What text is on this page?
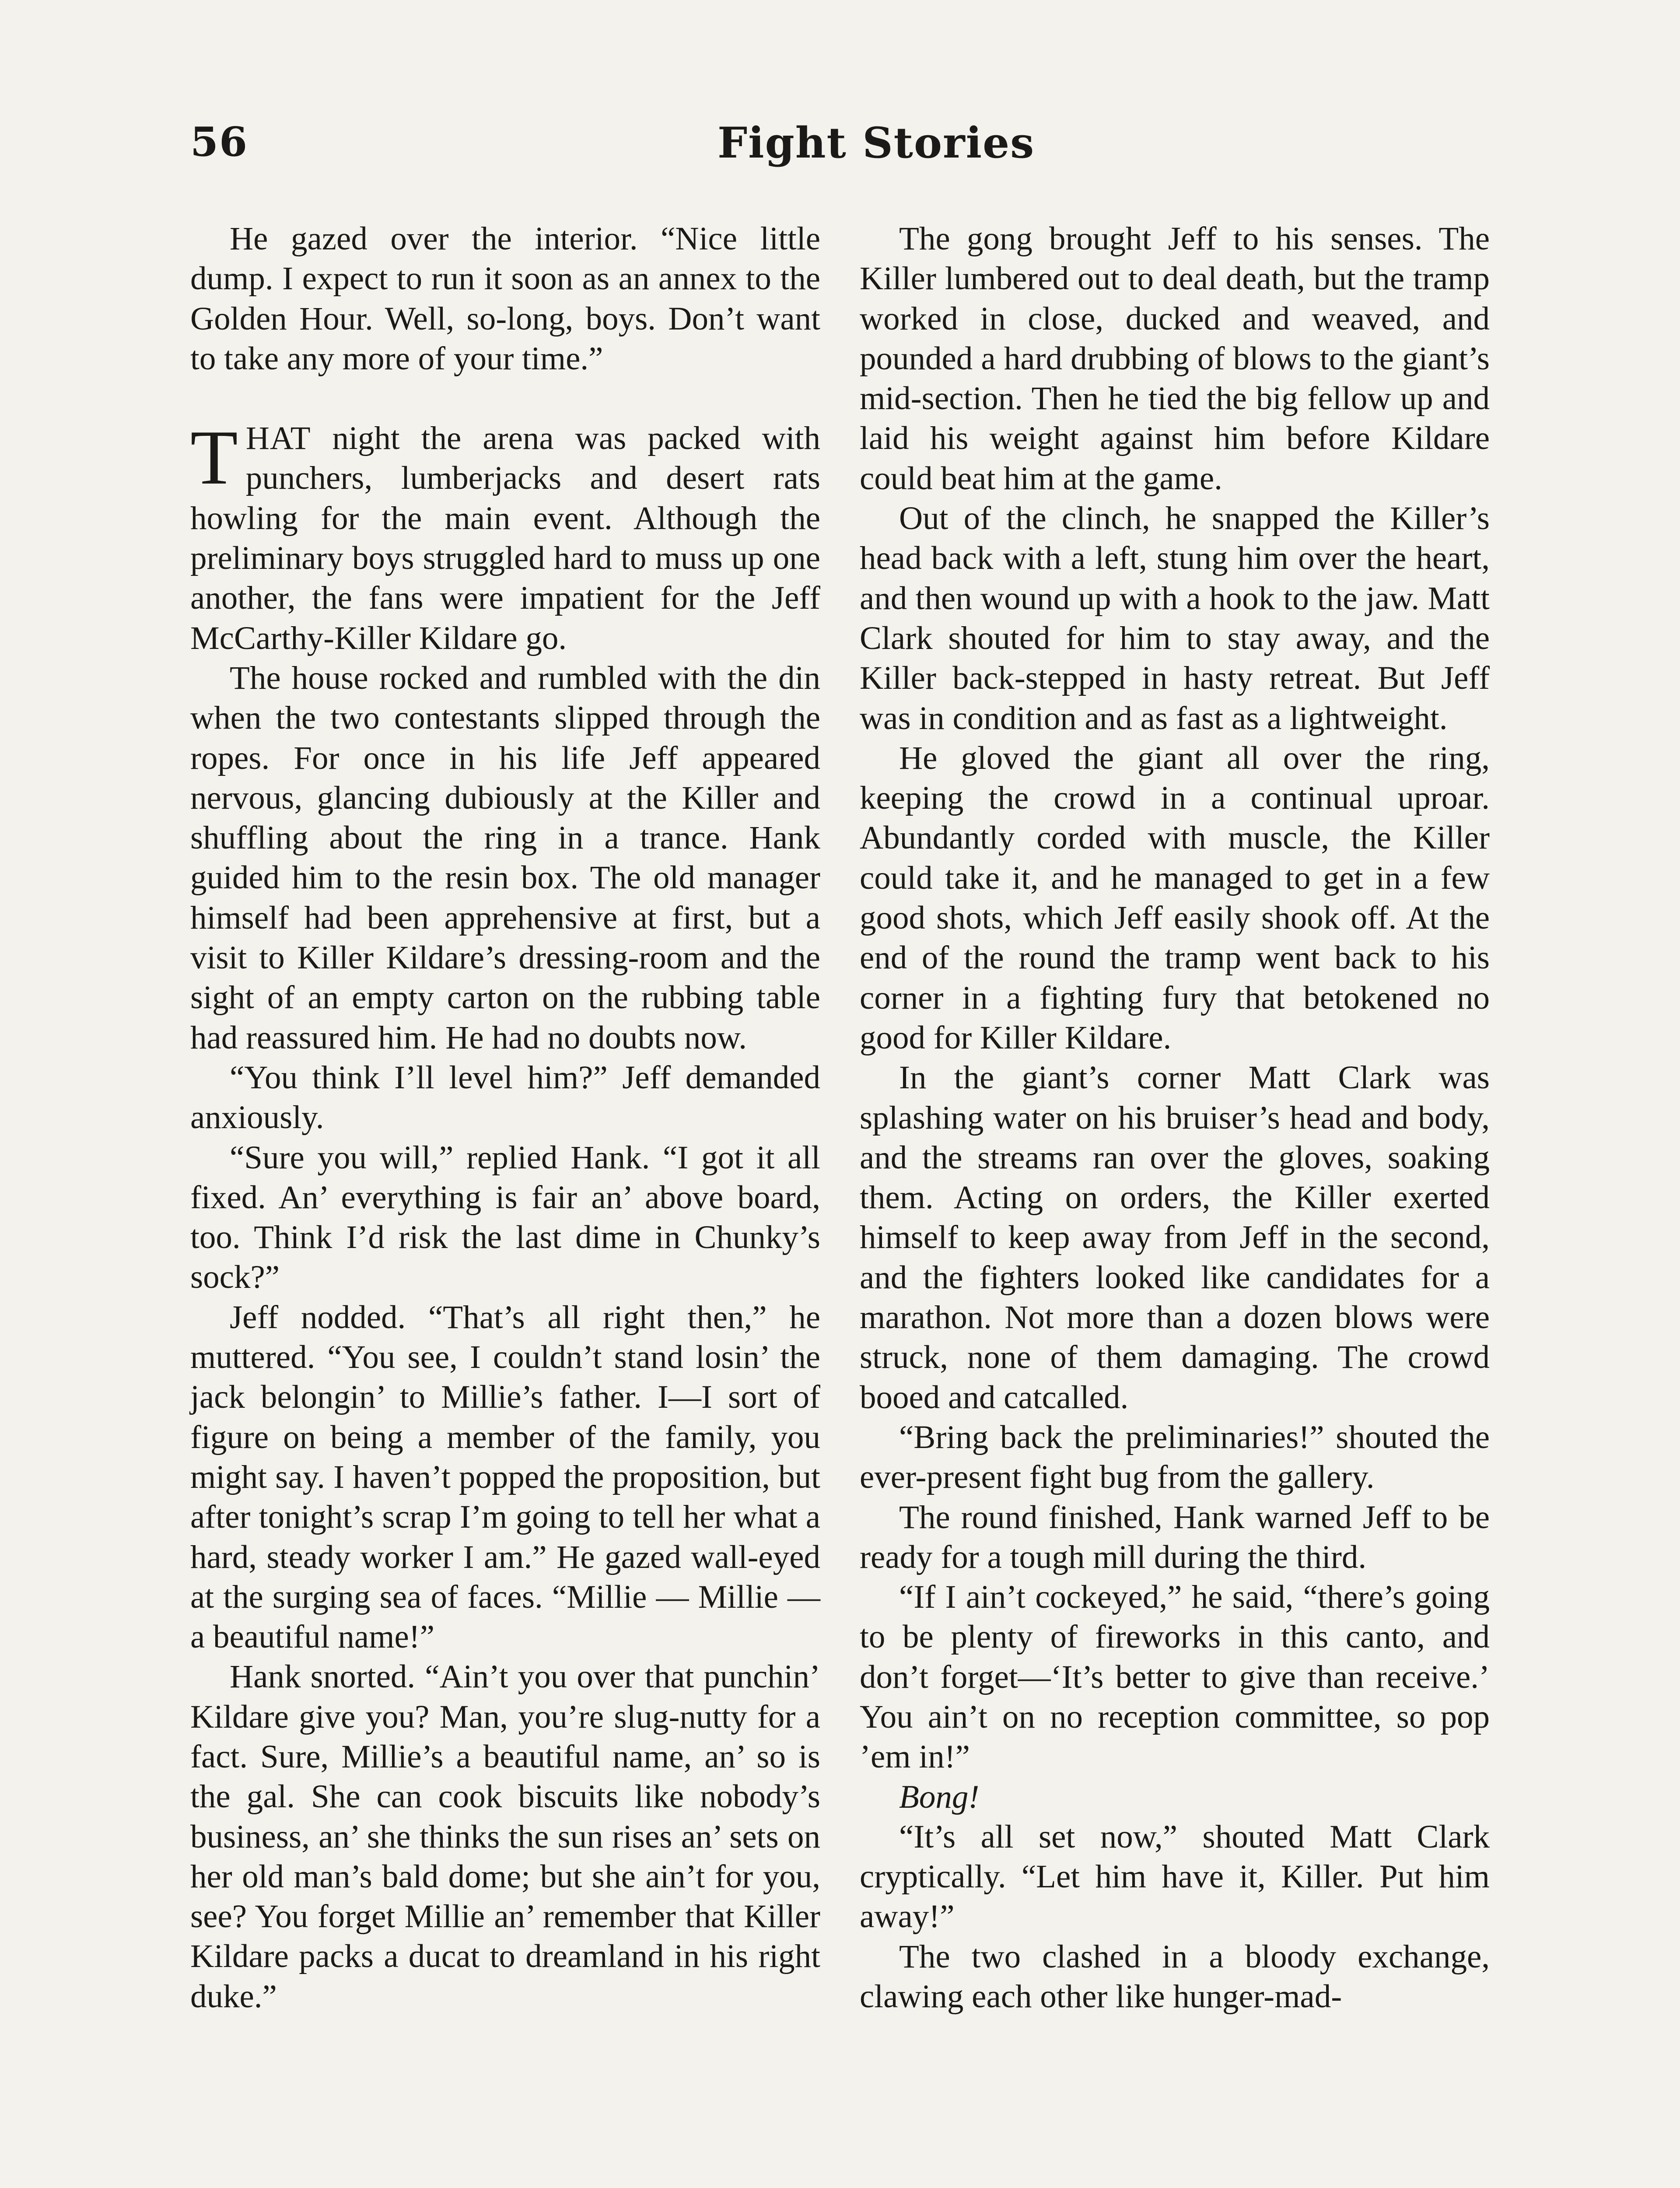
56	Fight Stories

He gazed over the interior. “Nice little dump. I expect to run it soon as an annex to the Golden Hour. Well, so-long, boys. Don’t want to take any more of your time.”

THAT night the arena was packed with punchers, lumberjacks and desert rats howling for the main event. Although the preliminary boys struggled hard to muss up one another, the fans were impatient for the Jeff McCarthy-Killer Kildare go.

The house rocked and rumbled with the din when the two contestants slipped through the ropes. For once in his life Jeff appeared nervous, glancing dubiously at the Killer and shuffling about the ring in a trance. Hank guided him to the resin box. The old manager himself had been apprehensive at first, but a visit to Killer Kildare’s dressing-room and the sight of an empty carton on the rubbing table had reassured him. He had no doubts now.

“You think I’ll level him?” Jeff demanded anxiously.

“Sure you will,” replied Hank. “I got it all fixed. An’ everything is fair an’ above board, too. Think I’d risk the last dime in Chunky’s sock?”

Jeff nodded. “That’s all right then,” he muttered. “You see, I couldn’t stand losin’ the jack belongin’ to Millie’s father. I—I sort of figure on being a member of the family, you might say. I haven’t popped the proposition, but after tonight’s scrap I’m going to tell her what a hard, steady worker I am.” He gazed wall-eyed at the surging sea of faces. “Millie — Millie — a beautiful name!”

Hank snorted. “Ain’t you over that punchin’ Kildare give you? Man, you’re slug-nutty for a fact. Sure, Millie’s a beautiful name, an’ so is the gal. She can cook biscuits like nobody’s business, an’ she thinks the sun rises an’ sets on her old man’s bald dome; but she ain’t for you, see? You forget Millie an’ remember that Killer Kildare packs a ducat to dreamland in his right duke.”

The gong brought Jeff to his senses. The Killer lumbered out to deal death, but the tramp worked in close, ducked and weaved, and pounded a hard drubbing of blows to the giant’s mid-section. Then he tied the big fellow up and laid his weight against him before Kildare could beat him at the game.

Out of the clinch, he snapped the Killer’s head back with a left, stung him over the heart, and then wound up with a hook to the jaw. Matt Clark shouted for him to stay away, and the Killer back-stepped in hasty retreat. But Jeff was in condition and as fast as a lightweight.

He gloved the giant all over the ring, keeping the crowd in a continual uproar. Abundantly corded with muscle, the Killer could take it, and he managed to get in a few good shots, which Jeff easily shook off. At the end of the round the tramp went back to his corner in a fighting fury that betokened no good for Killer Kildare.

In the giant’s corner Matt Clark was splashing water on his bruiser’s head and body, and the streams ran over the gloves, soaking them. Acting on orders, the Killer exerted himself to keep away from Jeff in the second, and the fighters looked like candidates for a marathon. Not more than a dozen blows were struck, none of them damaging. The crowd booed and catcalled.

“Bring back the preliminaries!” shouted the ever-present fight bug from the gallery.

The round finished, Hank warned Jeff to be ready for a tough mill during the third.

“If I ain’t cockeyed,” he said, “there’s going to be plenty of fireworks in this canto, and don’t forget—‘It’s better to give than receive.’ You ain’t on no reception committee, so pop ’em in!”

Bong!

“It’s all set now,” shouted Matt Clark cryptically. “Let him have it, Killer. Put him away!”

The two clashed in a bloody exchange, clawing each other like hunger-mad-
